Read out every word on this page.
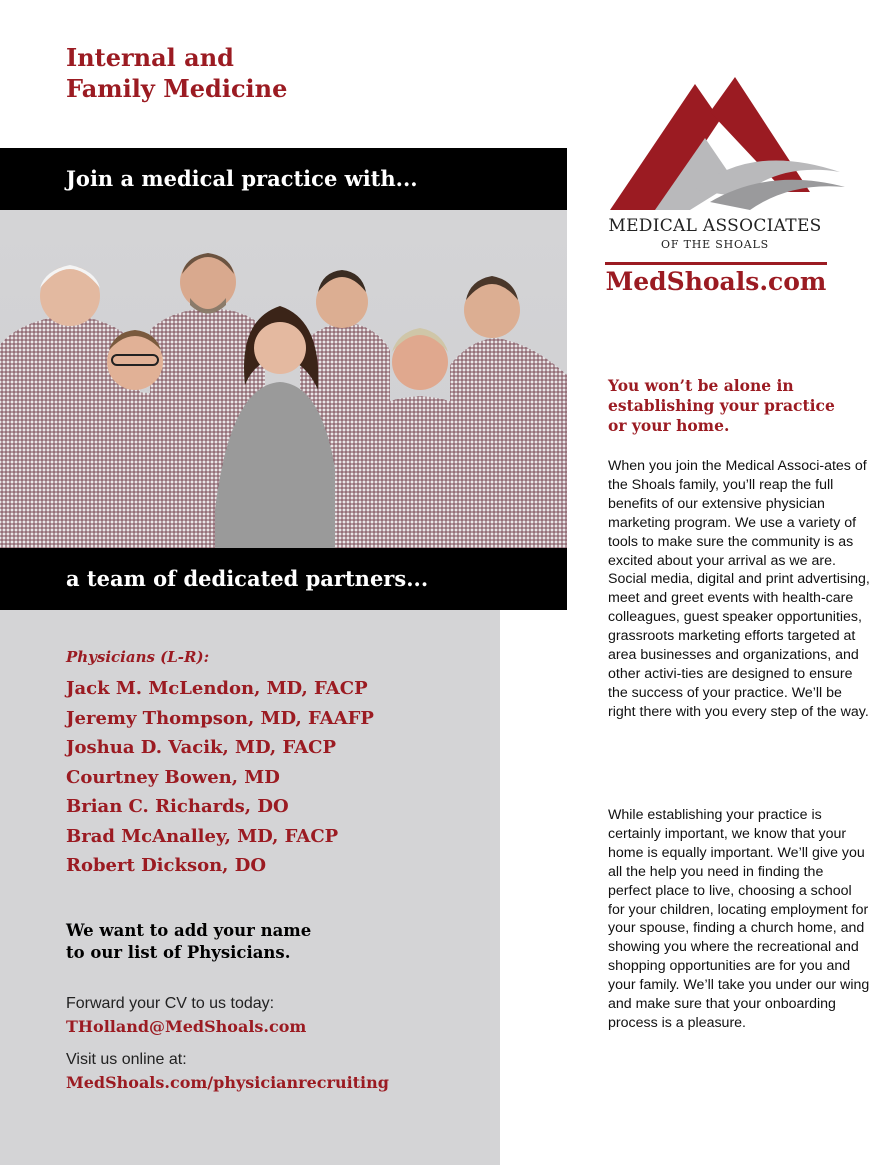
Internal and
Family Medicine
Join a medical practice with...
a team of dedicated partners...
Physicians (L-R):
Jack M. McLendon, MD, FACP
Jeremy Thompson, MD, FAAFP
Joshua D. Vacik, MD, FACP
Courtney Bowen, MD
Brian C. Richards, DO
Brad McAnalley, MD, FACP
Robert Dickson, DO
We want to add your name
to our list of Physicians.
Forward your CV to us today:
THolland@MedShoals.com
Visit us online at:
MedShoals.com/physicianrecruiting
MEDICAL ASSOCIATES
OF THE SHOALS
MedShoals.com
You won’t be alone in
establishing your practice
or your home.

When you join the Medical Associ-ates of the Shoals family, you’ll reap the full benefits of our extensive physician marketing program. We use a variety of tools to make sure the community is as excited about your arrival as we are. Social media, digital and print advertising, meet and greet events with health-care colleagues, guest speaker opportunities, grassroots marketing efforts targeted at area businesses and organizations, and other activi-ties are designed to ensure the success of your practice. We’ll be right there with you every step of the way.

While establishing your practice is certainly important, we know that your home is equally important. We’ll give you all the help you need in finding the perfect place to live, choosing a school for your children, locating employment for your spouse, finding a church home, and showing you where the recreational and shopping opportunities are for you and your family. We’ll take you under our wing and make sure that your onboarding process is a pleasure.
